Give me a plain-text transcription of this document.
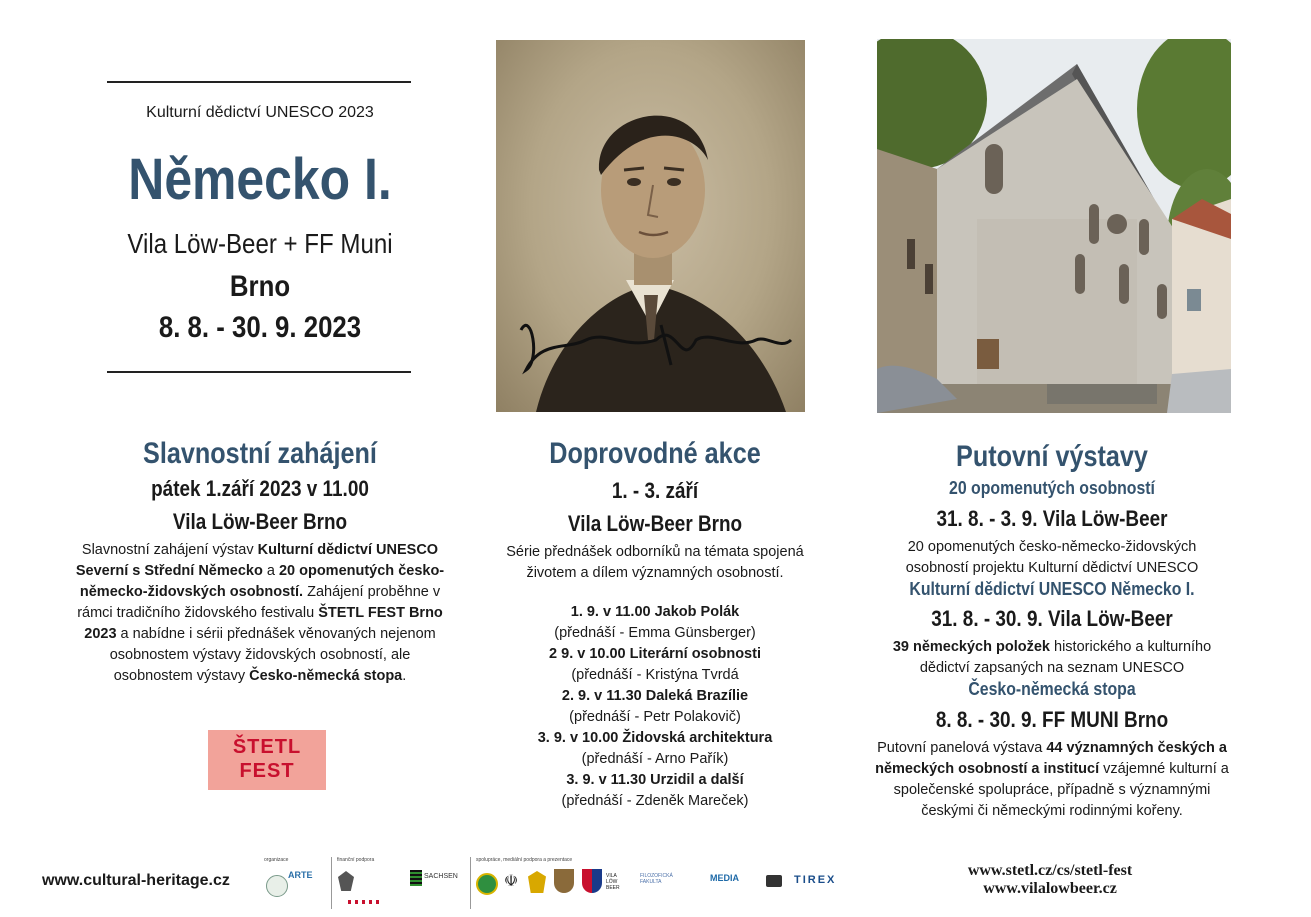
Kulturní dědictví UNESCO 2023
Německo I.
Vila Löw-Beer + FF Muni
Brno
8. 8. - 30. 9. 2023
Slavnostní zahájení
pátek 1.září 2023 v 11.00
Vila Löw-Beer Brno
Slavnostní zahájení výstav Kulturní dědictví UNESCO Severní s Střední Německo a 20 opomenutých česko-německo-židovských osobností. Zahájení proběhne v rámci tradičního židovského festivalu ŠTETL FEST Brno 2023 a nabídne i sérii přednášek věnovaných nejenom osobnostem výstavy židovských osobností, ale osobnostem výstavy Česko-německá stopa.
ŠTETL
FEST
Doprovodné akce
1. - 3. září
Vila Löw-Beer Brno
Série přednášek odborníků na témata spojená životem a dílem významných osobností.

1. 9. v 11.00 Jakob Polák

(přednáší - Emma Günsberger)

2 9. v 10.00 Literární osobnosti

(přednáší - Kristýna Tvrdá

2. 9. v 11.30 Daleká Brazílie

(přednáší - Petr Polakovič)

3. 9. v 10.00 Židovská architektura

(přednáší - Arno Pařík)

3. 9. v 11.30 Urzidil a další

(přednáší - Zdeněk Mareček)

Putovní výstavy
20 opomenutých osobností
31. 8. - 3. 9. Vila Löw-Beer
20 opomenutých česko-německo-židovských osobností projektu Kulturní dědictví UNESCO
Kulturní dědictví UNESCO Německo I.
31. 8. - 30. 9. Vila Löw-Beer
39 německých položek historického a kulturního dědictví zapsaných na seznam UNESCO
Česko-německá stopa
8. 8. - 30. 9. FF MUNI Brno
Putovní panelová výstava 44 významných českých a německých osobností a institucí vzájemné kulturní a společenské spolupráce, případně s významnými českými či německými rodinnými kořeny.
www.cultural-heritage.cz
organizace
ARTE
finanční podpora
SACHSEN
spolupráce, mediální podpora a prezentace
☫	VILA LÖW BEER
FILOZOFICKÁ FAKULTA	MEDIA	TIREX
www.stetl.cz/cs/stetl-fest
www.vilalowbeer.cz
